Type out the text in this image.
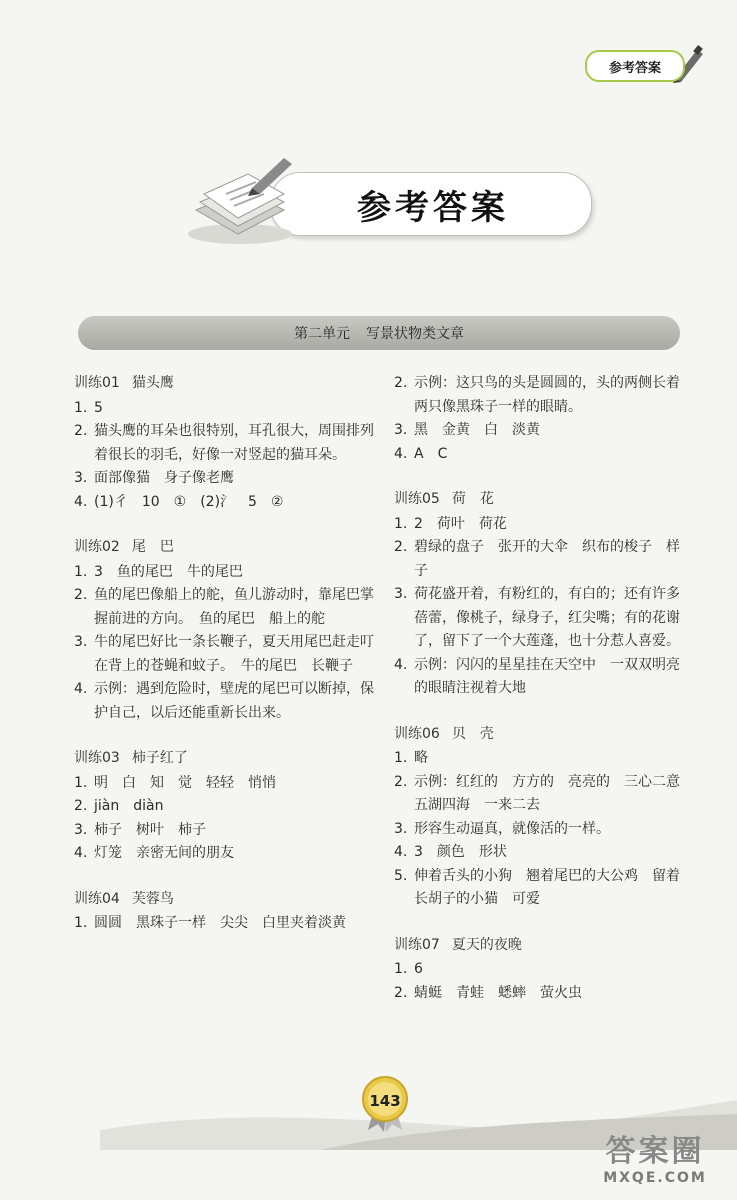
参考答案
参考答案
第二单元 写景状物类文章
训练01 猫头鹰
1. 5
2. 猫头鹰的耳朵也很特别，耳孔很大，周围排列着很长的羽毛，好像一对竖起的猫耳朵。
3. 面部像猫　身子像老鹰
4. (1)彳　10　①　(2)氵　5　②
训练02 尾　巴
1. 3　鱼的尾巴　牛的尾巴
2. 鱼的尾巴像船上的舵，鱼儿游动时，靠尾巴掌握前进的方向。　鱼的尾巴　船上的舵
3. 牛的尾巴好比一条长鞭子，夏天用尾巴赶走叮在背上的苍蝇和蚊子。　牛的尾巴　长鞭子
4. 示例：遇到危险时，壁虎的尾巴可以断掉，保护自己，以后还能重新长出来。
训练03 柿子红了
1. 明　白　知　觉　轻轻　悄悄
2. jiàn　diàn
3. 柿子　树叶　柿子
4. 灯笼　亲密无间的朋友
训练04 芙蓉鸟
1. 圆圆　黑珠子一样　尖尖　白里夹着淡黄
2. 示例：这只鸟的头是圆圆的，头的两侧长着两只像黑珠子一样的眼睛。
3. 黑　金黄　白　淡黄
4. A　C
训练05 荷　花
1. 2　荷叶　荷花
2. 碧绿的盘子　张开的大伞　织布的梭子　样子
3. 荷花盛开着，有粉红的，有白的；还有许多蓓蕾，像桃子，绿身子，红尖嘴；有的花谢了，留下了一个大莲蓬，也十分惹人喜爱。
4. 示例：闪闪的星星挂在天空中　一双双明亮的眼睛注视着大地
训练06 贝　壳
1. 略
2. 示例：红红的　方方的　亮亮的　三心二意　五湖四海　一来二去
3. 形容生动逼真，就像活的一样。
4. 3　颜色　形状
5. 伸着舌头的小狗　翘着尾巴的大公鸡　留着长胡子的小猫　可爱
训练07 夏天的夜晚
1. 6
2. 蜻蜓　青蛙　蟋蟀　萤火虫
143
答案圈
MXQE.COM
